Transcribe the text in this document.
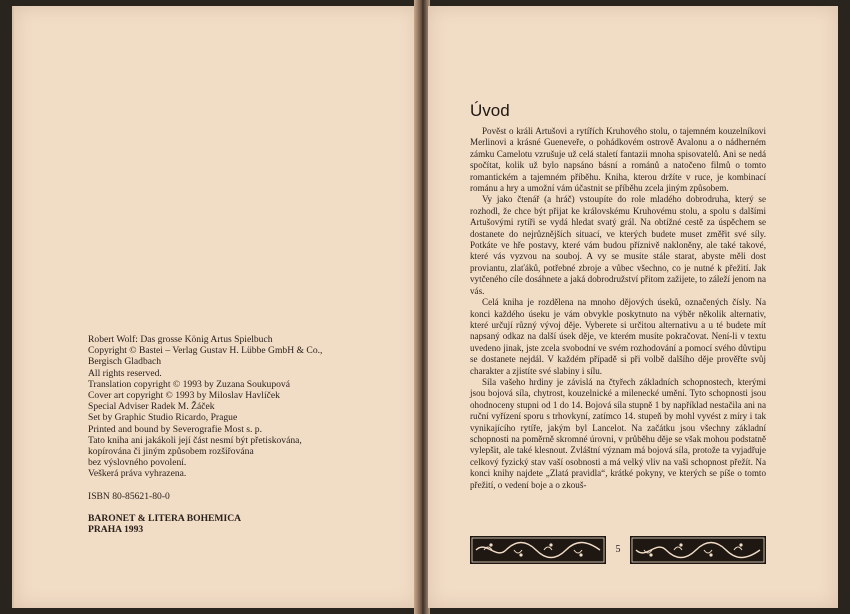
Robert Wolf: Das grosse König Artus Spielbuch
Copyright © Bastei – Verlag Gustav H. Lübbe GmbH & Co.,
Bergisch Gladbach
All rights reserved.
Translation copyright © 1993 by Zuzana Soukupová
Cover art copyright © 1993 by Miloslav Havlíček
Special Adviser Radek M. Žáček
Set by Graphic Studio Ricardo, Prague
Printed and bound by Severografie Most s. p.
Tato kniha ani jakákoli její část nesmí být přetiskována,
kopírována či jiným způsobem rozšiřována
bez výslovného povolení.
Veškerá práva vyhrazena.
ISBN 80-85621-80-0
BARONET & LITERA BOHEMICA
PRAHA 1993
Úvod

Pověst o králi Artušovi a rytířích Kruhového stolu, o tajemném kouzelníkovi Merlinovi a krásné Gueneveře, o pohádkovém ostrově Avalonu a o nádherném zámku Camelotu vzrušuje už celá staletí fantazii mnoha spisovatelů. Ani se nedá spočítat, kolik už bylo napsáno básní a románů a natočeno filmů o tomto romantickém a tajemném příběhu. Kniha, kterou držíte v ruce, je kombinací románu a hry a umožní vám účastnit se příběhu zcela jiným způsobem.

Vy jako čtenář (a hráč) vstoupíte do role mladého dobrodruha, který se rozhodl, že chce být přijat ke královskému Kruhovému stolu, a spolu s dalšími Artušovými rytíři se vydá hledat svatý grál. Na obtížné cestě za úspěchem se dostanete do nejrůznějších situací, ve kterých budete muset změřit své síly. Potkáte ve hře postavy, které vám budou příznivě nakloněny, ale také takové, které vás vyzvou na souboj. A vy se musíte stále starat, abyste měli dost proviantu, zlaťáků, potřebné zbroje a vůbec všechno, co je nutné k přežití. Jak vytčeného cíle dosáhnete a jaká dobrodružství přitom zažijete, to záleží jenom na vás.

Celá kniha je rozdělena na mnoho dějových úseků, označených čísly. Na konci každého úseku je vám obvykle poskytnuto na výběr několik alternativ, které určují různý vývoj děje. Vyberete si určitou alternativu a u té budete mít napsaný odkaz na další úsek děje, ve kterém musíte pokračovat. Není-li v textu uvedeno jinak, jste zcela svobodní ve svém rozhodování a pomocí svého důvtipu se dostanete nejdál. V každém případě si při volbě dalšího děje prověřte svůj charakter a zjistíte své slabiny i sílu.

Síla vašeho hrdiny je závislá na čtyřech základních schopnostech, kterými jsou bojová síla, chytrost, kouzelnické a milenecké umění. Tyto schopnosti jsou ohodnoceny stupni od 1 do 14. Bojová síla stupně 1 by například nestačila ani na ruční vyřízení sporu s trhovkyní, zatímco 14. stupeň by mohl vyvést z míry i tak vynikajícího rytíře, jakým byl Lancelot. Na začátku jsou všechny základní schopnosti na poměrně skromné úrovni, v průběhu děje se však mohou podstatně vylepšit, ale také klesnout. Zvláštní význam má bojová síla, protože ta vyjadřuje celkový fyzický stav vaší osobnosti a má velký vliv na vaši schopnost přežít. Na konci knihy najdete „Zlatá pravidla“, krátké pokyny, ve kterých se píše o tomto přežití, o vedení boje a o zkouš-

5
